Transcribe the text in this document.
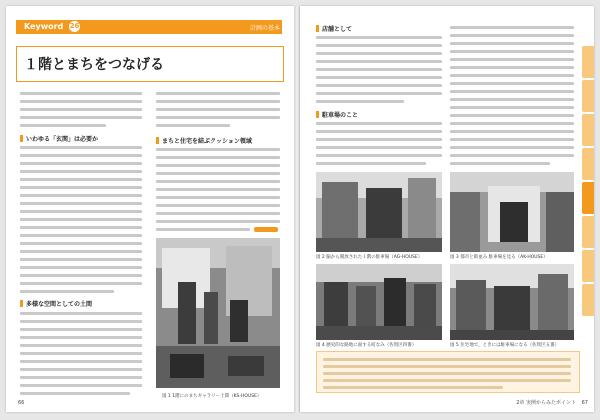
Keyword 26	計画の基本
１階とまちをつなげる
いわゆる「玄関」は必要か
多様な空間としての土間
まちと住宅を結ぶクッション領域
図 1 1階にのまちギャラリー土間（KS-HOUSE）
66
店舗として
駐車場のこと
図 2 脇から開放された１階の駐車場（AG-HOUSE）	図 3 都市と街並み 駐車場を見る（AK-HOUSE）
図 4 歴史的な路地に面する町なみ（佐賀区四番）	図 5 住宅地で、ときには駐車場になる（佐賀区五番）
2章 実例からみたポイント 67
